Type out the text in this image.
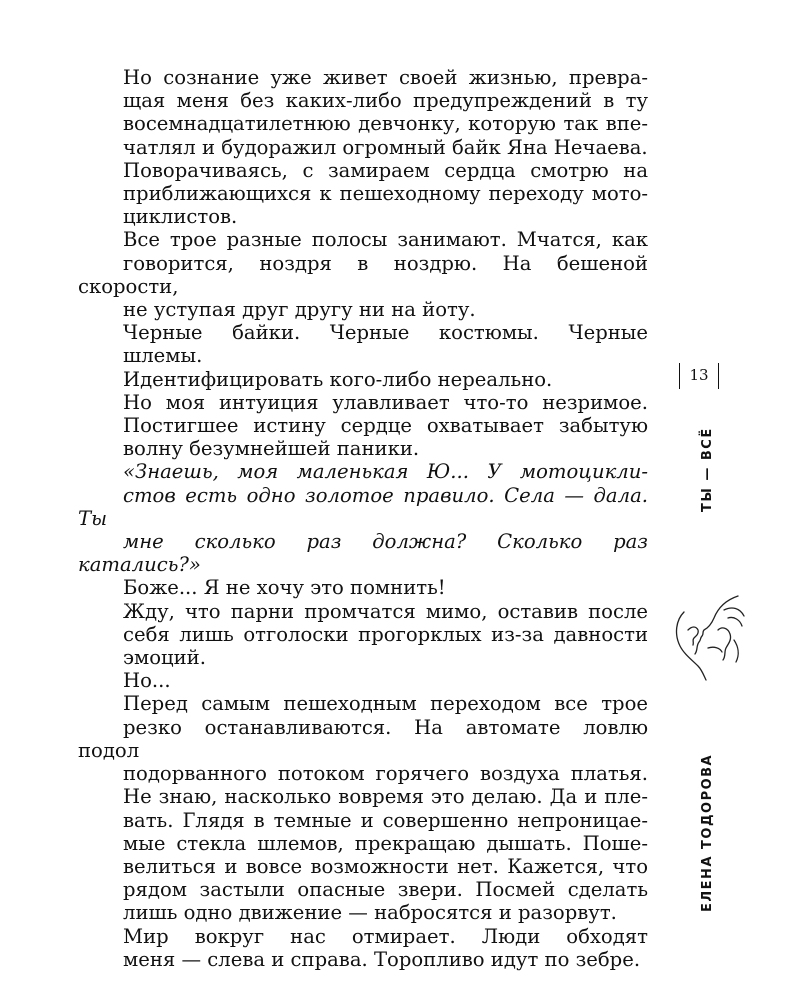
Но сознание уже живет своей жизнью, превра-
щая меня без каких-либо предупреждений в ту
восемнадцатилетнюю девчонку, которую так впе-
чатлял и будоражил огромный байк Яна Нечаева.

Поворачиваясь, с замираем сердца смотрю на
приближающихся к пешеходному переходу мото-
циклистов.

Все трое разные полосы занимают. Мчатся, как
говорится, ноздря в ноздрю. На бешеной скорости,
не уступая друг другу ни на йоту.

Черные байки. Черные костюмы. Черные
шлемы.

Идентифицировать кого-либо нереально.

Но моя интуиция улавливает что-то незримое.
Постигшее истину сердце охватывает забытую
волну безумнейшей паники.

«Знаешь, моя маленькая Ю... У мотоцикли-
стов есть одно золотое правило. Села — дала. Ты
мне сколько раз должна? Сколько раз катались?»

Боже... Я не хочу это помнить!

Жду, что парни промчатся мимо, оставив после
себя лишь отголоски прогорклых из-за давности
эмоций.

Но...

Перед самым пешеходным переходом все трое
резко останавливаются. На автомате ловлю подол
подорванного потоком горячего воздуха платья.
Не знаю, насколько вовремя это делаю. Да и пле-
вать. Глядя в темные и совершенно непроницае-
мые стекла шлемов, прекращаю дышать. Поше-
велиться и вовсе возможности нет. Кажется, что
рядом застыли опасные звери. Посмей сделать
лишь одно движение — набросятся и разорвут.

Мир вокруг нас отмирает. Люди обходят
меня — слева и справа. Торопливо идут по зебре.

13
ТЫ — ВСЁ
ЕЛЕНА ТОДОРОВА
